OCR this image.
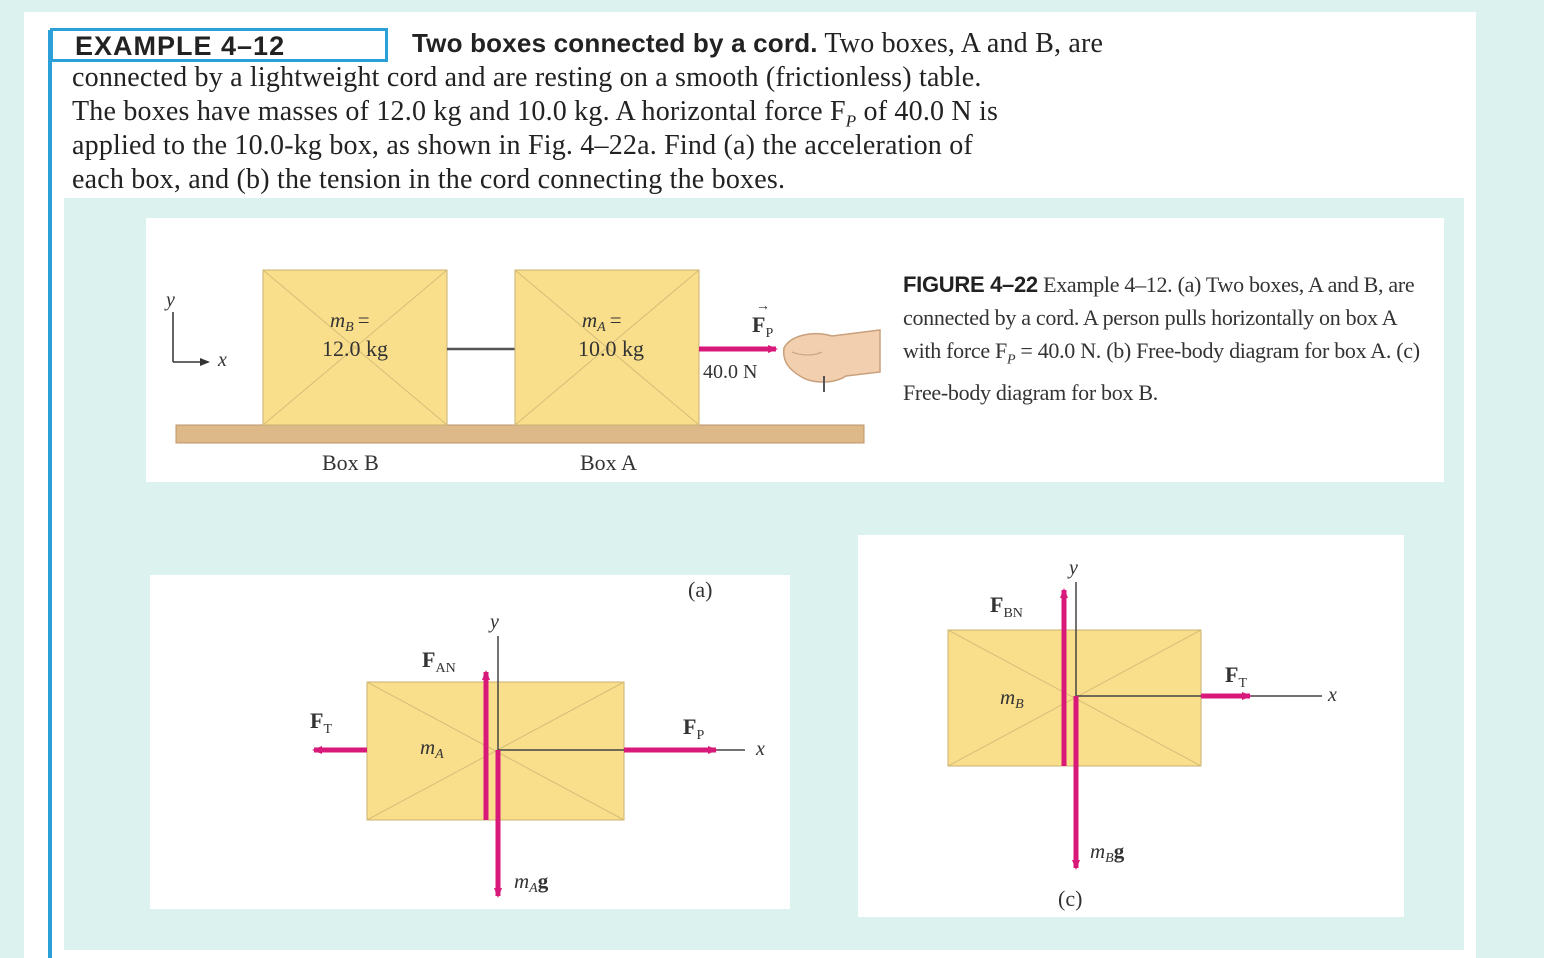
EXAMPLE 4–12	Two boxes connected by a cord. Two boxes, A and B, are
connected by a lightweight cord and are resting on a smooth (frictionless) table.
The boxes have masses of 12.0 kg and 10.0 kg. A horizontal force $F_P$ of 40.0 N is
applied to the 10.0-kg box, as shown in Fig. 4–22a. Find (a) the acceleration of
each box, and (b) the tension in the cord connecting the boxes.
y
x
mB =
12.0 kg
mA =
10.0 kg
$F_P$
→
40.0 N
Box B	Box A
(a)
y
x
$F_{AN}$
$F_T$	$F_P$
mA
mAg
y
x
$F_{BN}$
$F_T$
mB
mBg
(c)
FIGURE 4–22 Example 4–12. (a) Two boxes, A and B, are connected by a cord. A person pulls horizontally on box A with force $F_P = 40.0$ N. (b) Free-body diagram for box A. (c) Free-body diagram for box B.
